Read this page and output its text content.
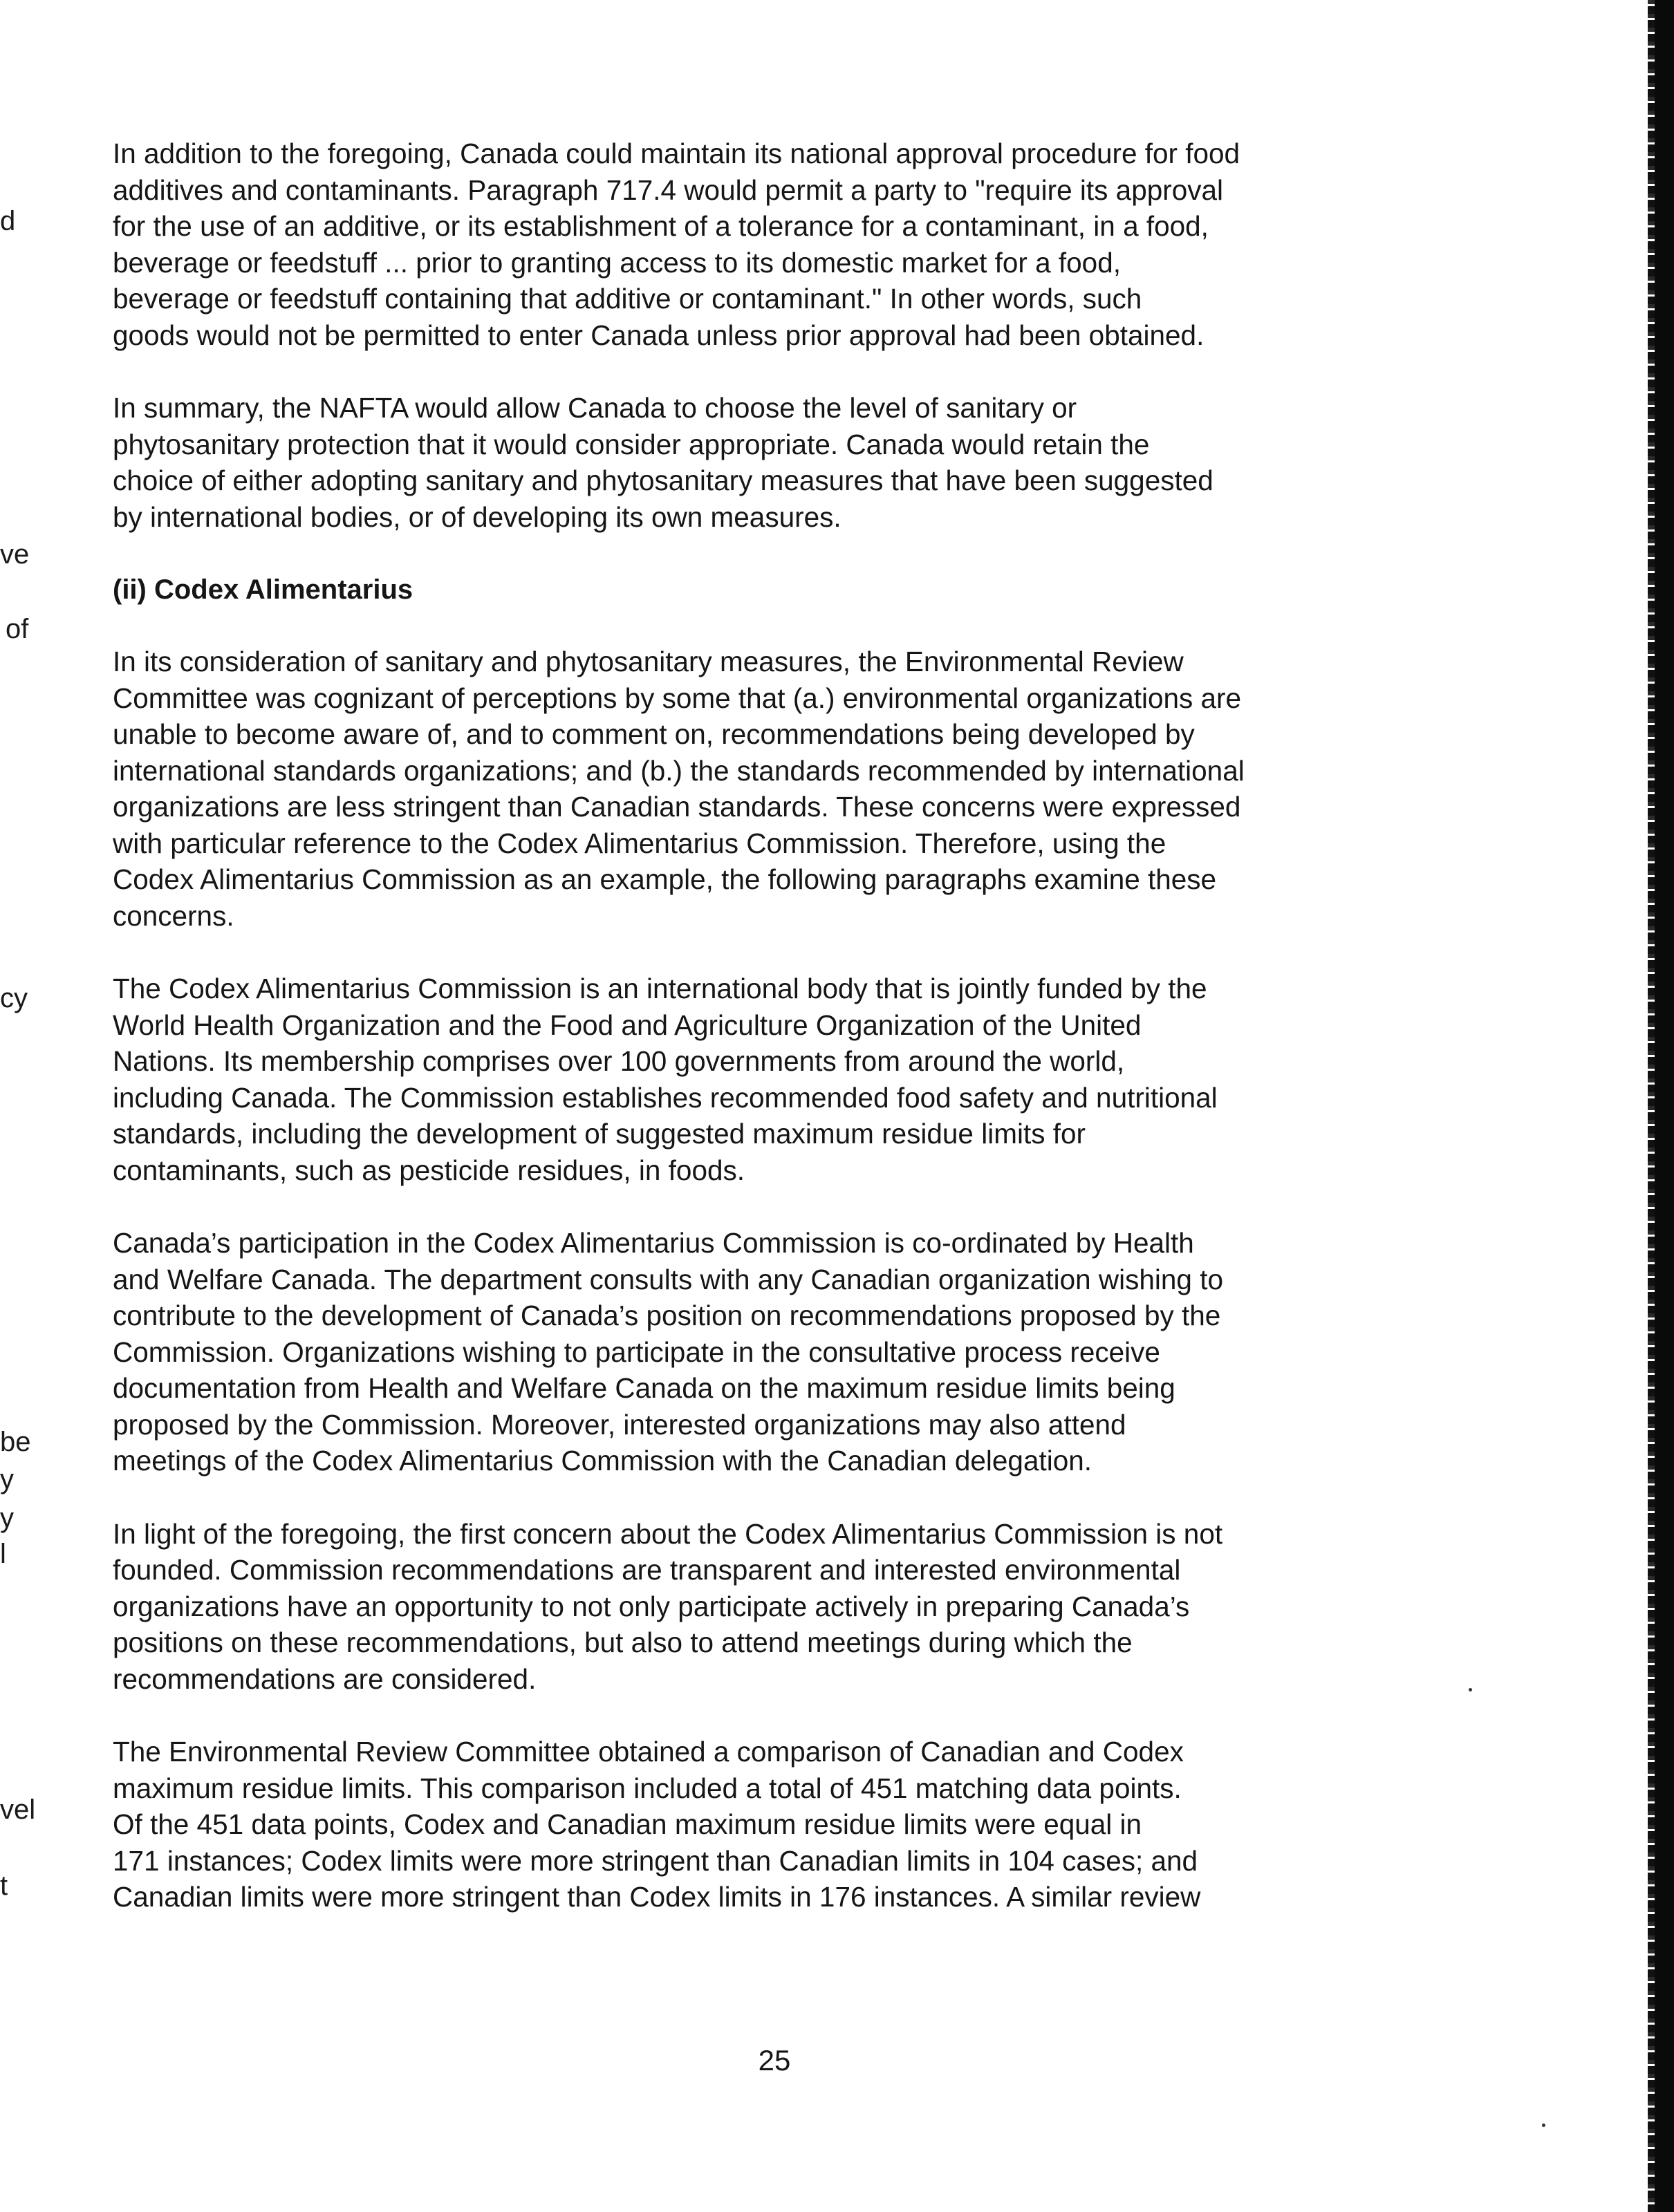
d
ve
of
cy
be
y
y
l
vel
t

In addition to the foregoing, Canada could maintain its national approval procedure for food
additives and contaminants. Paragraph 717.4 would permit a party to "require its approval
for the use of an additive, or its establishment of a tolerance for a contaminant, in a food,
beverage or feedstuff ... prior to granting access to its domestic market for a food,
beverage or feedstuff containing that additive or contaminant." In other words, such
goods would not be permitted to enter Canada unless prior approval had been obtained.

In summary, the NAFTA would allow Canada to choose the level of sanitary or
phytosanitary protection that it would consider appropriate. Canada would retain the
choice of either adopting sanitary and phytosanitary measures that have been suggested
by international bodies, or of developing its own measures.

(ii) Codex Alimentarius

In its consideration of sanitary and phytosanitary measures, the Environmental Review
Committee was cognizant of perceptions by some that (a.) environmental organizations are
unable to become aware of, and to comment on, recommendations being developed by
international standards organizations; and (b.) the standards recommended by international
organizations are less stringent than Canadian standards. These concerns were expressed
with particular reference to the Codex Alimentarius Commission. Therefore, using the
Codex Alimentarius Commission as an example, the following paragraphs examine these
concerns.

The Codex Alimentarius Commission is an international body that is jointly funded by the
World Health Organization and the Food and Agriculture Organization of the United
Nations. Its membership comprises over 100 governments from around the world,
including Canada. The Commission establishes recommended food safety and nutritional
standards, including the development of suggested maximum residue limits for
contaminants, such as pesticide residues, in foods.

Canada’s participation in the Codex Alimentarius Commission is co-ordinated by Health
and Welfare Canada. The department consults with any Canadian organization wishing to
contribute to the development of Canada’s position on recommendations proposed by the
Commission. Organizations wishing to participate in the consultative process receive
documentation from Health and Welfare Canada on the maximum residue limits being
proposed by the Commission. Moreover, interested organizations may also attend
meetings of the Codex Alimentarius Commission with the Canadian delegation.

In light of the foregoing, the first concern about the Codex Alimentarius Commission is not
founded. Commission recommendations are transparent and interested environmental
organizations have an opportunity to not only participate actively in preparing Canada’s
positions on these recommendations, but also to attend meetings during which the
recommendations are considered.

The Environmental Review Committee obtained a comparison of Canadian and Codex
maximum residue limits. This comparison included a total of 451 matching data points.
Of the 451 data points, Codex and Canadian maximum residue limits were equal in
171 instances; Codex limits were more stringent than Canadian limits in 104 cases; and
Canadian limits were more stringent than Codex limits in 176 instances. A similar review

25
